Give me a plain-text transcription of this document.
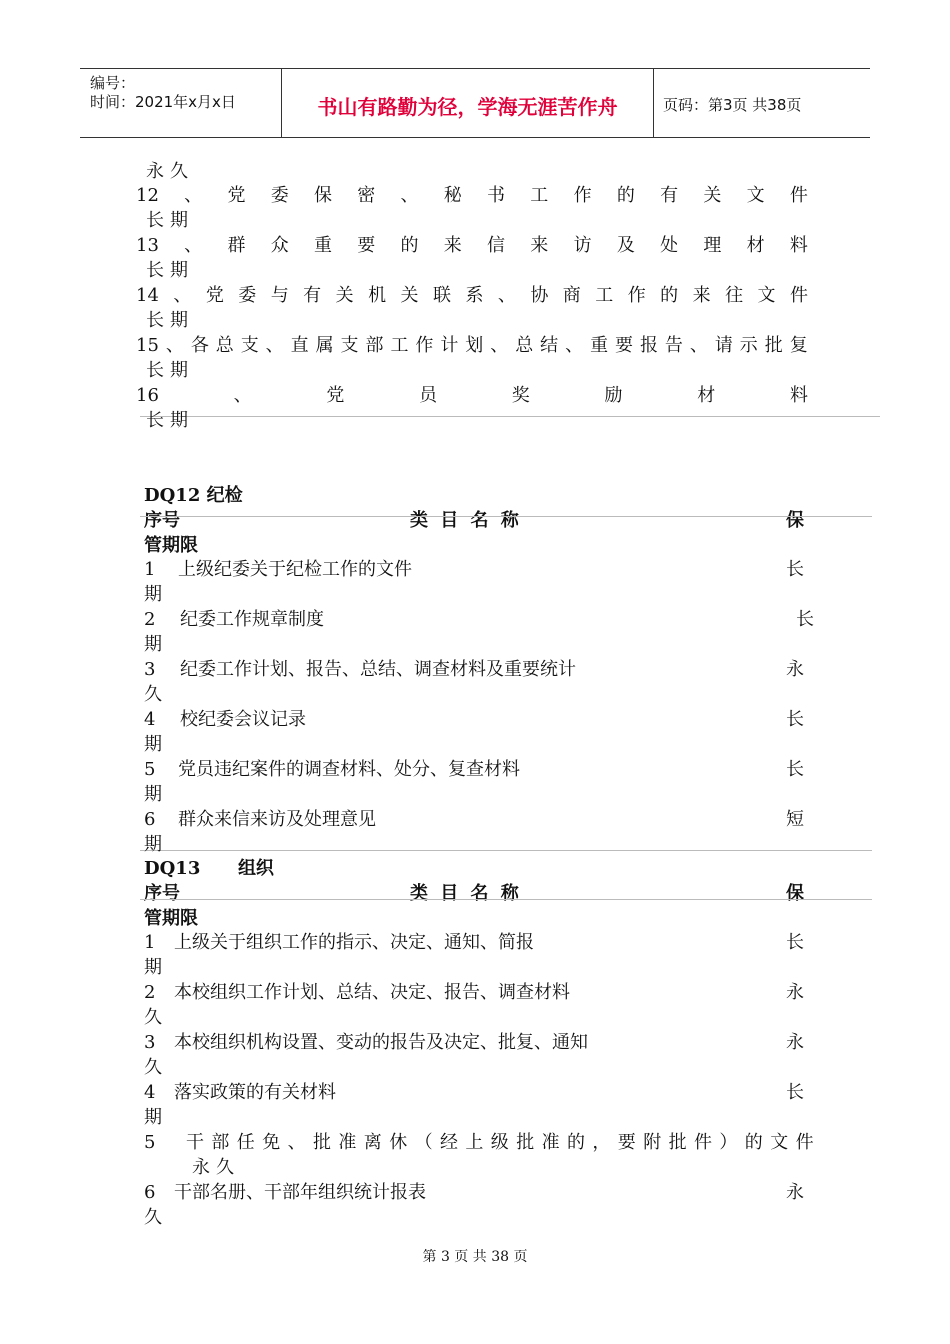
编号：
时间：2021年x月x日	书山有路勤为径，学海无涯苦作舟	页码：第3页 共38页
永久
12 、 党 委 保 密 、 秘 书 工 作 的 有 关 文 件
长期
13 、 群 众 重 要 的 来 信 来 访 及 处 理 材 料
长期
14 、 党 委 与 有 关 机 关 联 系 、 协 商 工 作 的 来 往 文 件
长期
15 、 各 总 支 、 直 属 支 部 工 作 计 划 、 总 结 、 重 要 报 告 、 请 示 批 复
长期
16	、	党	员	奖	励	材	料
长期
DQ12 纪检
序号	类 目 名 称	保
管期限
1 上级纪委关于纪检工作的文件	长
期
2 纪委工作规章制度	长
期
3 纪委工作计划、报告、总结、调查材料及重要统计	永
久
4 校纪委会议记录	长
期
5 党员违纪案件的调查材料、处分、复查材料	长
期
6 群众来信来访及处理意见	短
期
DQ13      组织
序号	类 目 名 称	保
管期限
1 上级关于组织工作的指示、决定、通知、简报	长
期
2 本校组织工作计划、总结、决定、报告、调查材料	永
久
3 本校组织机构设置、变动的报告及决定、批复、通知	永
久
4 落实政策的有关材料	长
期
5 干部任免、批准离休（经上级批准的，要附批件）的文件
永久
6 干部名册、干部年组织统计报表	永
久
第 3 页 共 38 页
